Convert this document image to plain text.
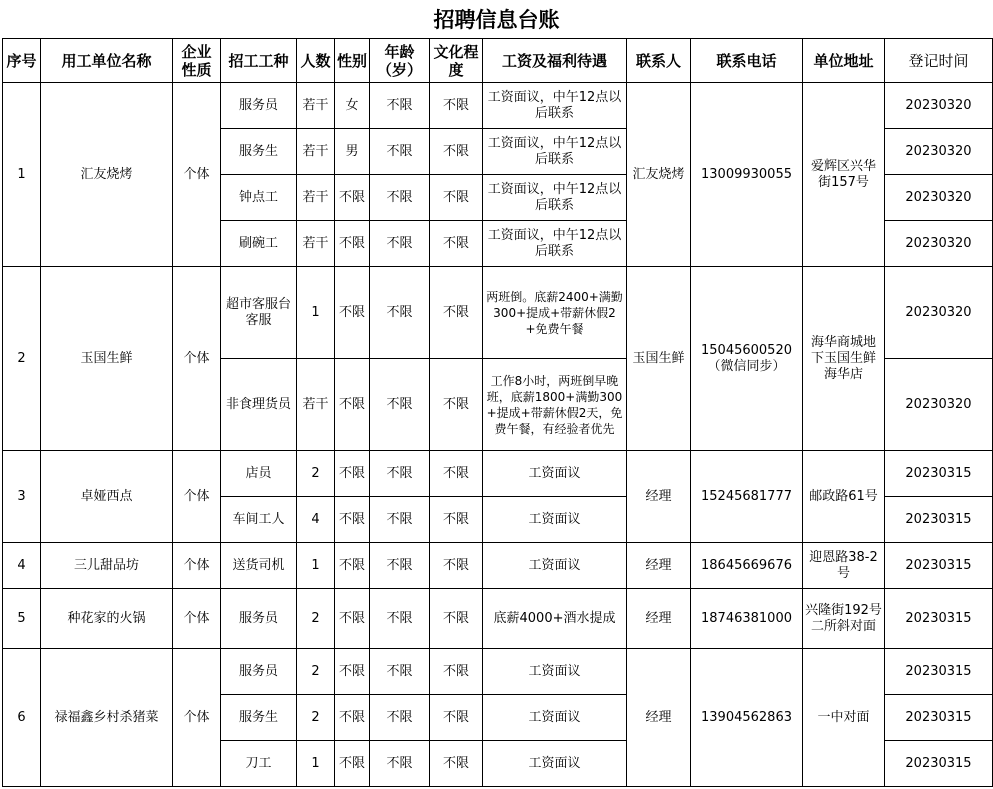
招聘信息台账
序号	用工单位名称	企业性质	招工工种	人数	性别	年龄（岁）	文化程度	工资及福利待遇	联系人	联系电话	单位地址	登记时间
1	汇友烧烤	个体	服务员	若干	女	不限	不限	工资面议，中午12点以后联系	汇友烧烤	13009930055	爱辉区兴华街157号	20230320
			服务生	若干	男	不限	不限	工资面议，中午12点以后联系				20230320
			钟点工	若干	不限	不限	不限	工资面议，中午12点以后联系				20230320
			刷碗工	若干	不限	不限	不限	工资面议，中午12点以后联系				20230320
2	玉国生鲜	个体	超市客服台客服	1	不限	不限	不限	两班倒。底薪2400+满勤300+提成+带薪休假2+免费午餐	玉国生鲜	15045600520（微信同步）	海华商城地下玉国生鲜海华店	20230320
			非食理货员	若干	不限	不限	不限	工作8小时，两班倒早晚班，底薪1800+满勤300+提成+带薪休假2天，免费午餐，有经验者优先				20230320
3	卓娅西点	个体	店员	2	不限	不限	不限	工资面议	经理	15245681777	邮政路61号	20230315
			车间工人	4	不限	不限	不限	工资面议				20230315
4	三儿甜品坊	个体	送货司机	1	不限	不限	不限	工资面议	经理	18645669676	迎恩路38-2号	20230315
5	种花家的火锅	个体	服务员	2	不限	不限	不限	底薪4000+酒水提成	经理	18746381000	兴隆街192号二所斜对面	20230315
6	禄福鑫乡村杀猪菜	个体	服务员	2	不限	不限	不限	工资面议	经理	13904562863	一中对面	20230315
			服务生	2	不限	不限	不限	工资面议				20230315
			刀工	1	不限	不限	不限	工资面议				20230315
